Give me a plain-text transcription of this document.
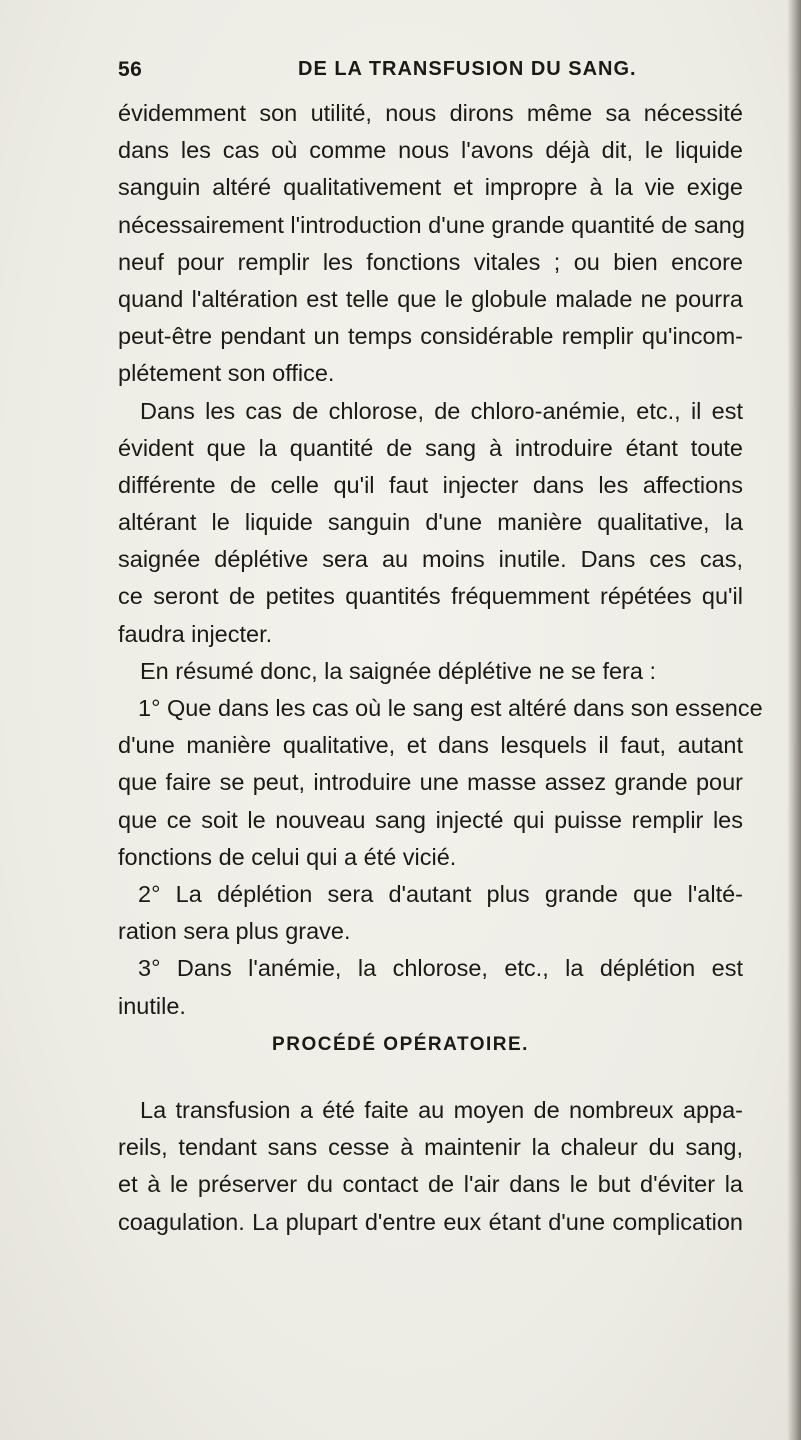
56	DE LA TRANSFUSION DU SANG.
évidemment son utilité, nous dirons même sa nécessité
dans les cas où comme nous l'avons déjà dit, le liquide
sanguin altéré qualitativement et impropre à la vie exige
nécessairement l'introduction d'une grande quantité de sang
neuf pour remplir les fonctions vitales ; ou bien encore
quand l'altération est telle que le globule malade ne pourra
peut-être pendant un temps considérable remplir qu'incom-
plétement son office.
Dans les cas de chlorose, de chloro-anémie, etc., il est
évident que la quantité de sang à introduire étant toute
différente de celle qu'il faut injecter dans les affections
altérant le liquide sanguin d'une manière qualitative, la
saignée déplétive sera au moins inutile. Dans ces cas,
ce seront de petites quantités fréquemment répétées qu'il
faudra injecter.
En résumé donc, la saignée déplétive ne se fera :
1° Que dans les cas où le sang est altéré dans son essence
d'une manière qualitative, et dans lesquels il faut, autant
que faire se peut, introduire une masse assez grande pour
que ce soit le nouveau sang injecté qui puisse remplir les
fonctions de celui qui a été vicié.
2° La déplétion sera d'autant plus grande que l'alté-
ration sera plus grave.
3° Dans l'anémie, la chlorose, etc., la déplétion est
inutile.
PROCÉDÉ OPÉRATOIRE.
La transfusion a été faite au moyen de nombreux appa-
reils, tendant sans cesse à maintenir la chaleur du sang,
et à le préserver du contact de l'air dans le but d'éviter la
coagulation. La plupart d'entre eux étant d'une complication
